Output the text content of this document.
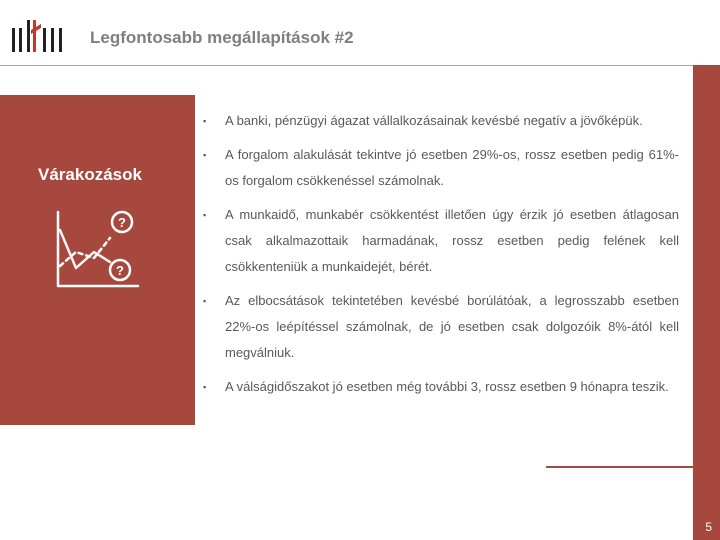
Legfontosabb megállapítások #2
Várakozások
?
?
5
▪ A banki, pénzügyi ágazat vállalkozásainak kevésbé negatív a jövőképük.
▪ A forgalom alakulását tekintve jó esetben 29%-os, rossz esetben pedig 61%-os forgalom csökkenéssel számolnak.
▪ A munkaidő, munkabér csökkentést illetően úgy érzik jó esetben átlagosan csak alkalmazottaik harmadának, rossz esetben pedig felének kell csökkenteniük a munkaidejét, bérét.
▪ Az elbocsátások tekintetében kevésbé borúlátóak, a legrosszabb esetben 22%-os leépítéssel számolnak, de jó esetben csak dolgozóik 8%-ától kell megválniuk.
▪ A válságidőszakot jó esetben még további 3, rossz esetben 9 hónapra teszik.
